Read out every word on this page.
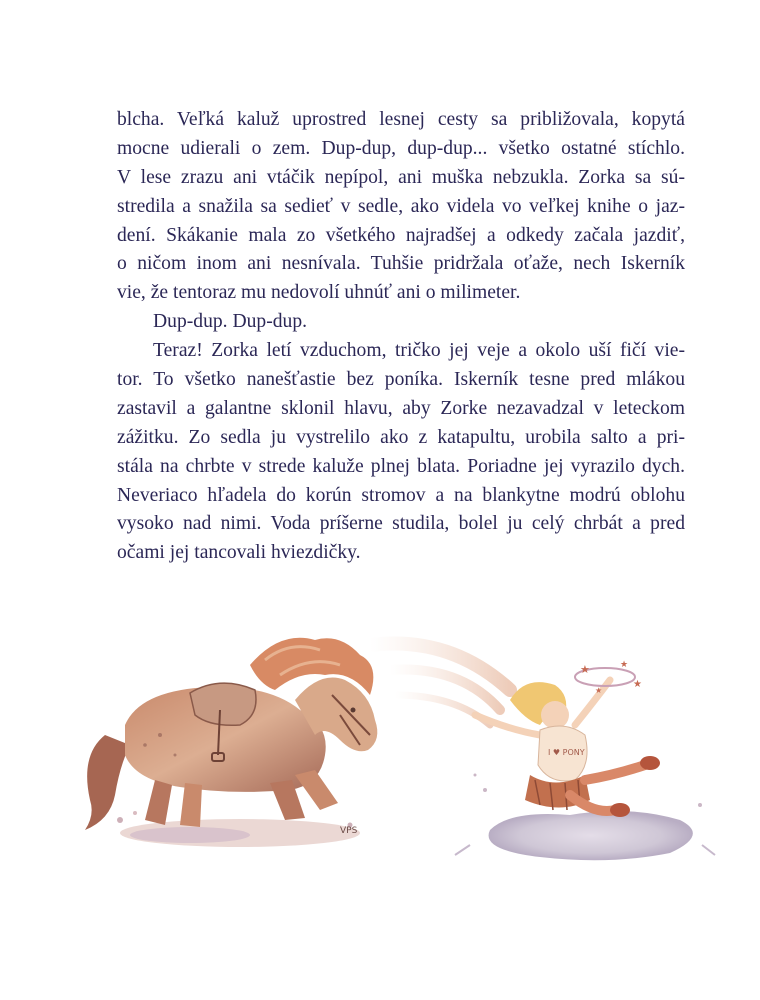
blcha. Veľká kaluž uprostred lesnej cesty sa približovala, kopytá
mocne udierali o zem. Dup-dup, dup-dup... všetko ostatné stíchlo.
V lese zrazu ani vtáčik nepípol, ani muška nebzukla. Zorka sa sú-
stredila a snažila sa sedieť v sedle, ako videla vo veľkej knihe o jaz-
dení. Skákanie mala zo všetkého najradšej a odkedy začala jazdiť,
o ničom inom ani nesnívala. Tuhšie pridržala oťaže, nech Iskerník
vie, že tentoraz mu nedovolí uhnúť ani o milimeter.
Dup-dup. Dup-dup.
Teraz! Zorka letí vzduchom, tričko jej veje a okolo uší fičí vie-
tor. To všetko nanešťastie bez poníka. Iskerník tesne pred mlákou
zastavil a galantne sklonil hlavu, aby Zorke nezavadzal v leteckom
zážitku. Zo sedla ju vystrelilo ako z katapultu, urobila salto a pri-
stála na chrbte v strede kaluže plnej blata. Poriadne jej vyrazilo dych.
Neveriaco hľadela do korún stromov a na blankytne modrú oblohu
vysoko nad nimi. Voda príšerne studila, bolel ju celý chrbát a pred
očami jej tancovali hviezdičky.
VPS
I ♥ PONY
★	★
★
★
